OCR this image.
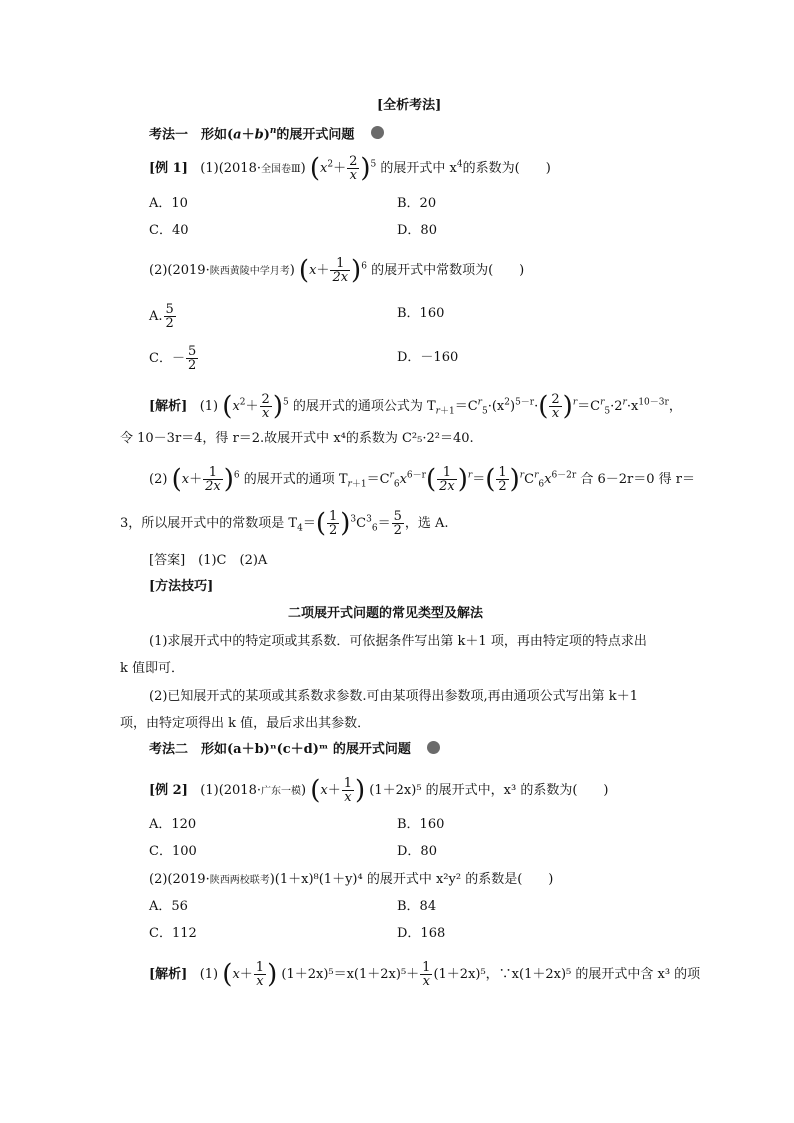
[全析考法]
考法一　形如$(a+b)^n$的展开式问题
[例 1] (1)(2018·全国卷Ⅲ) $(x^2+ \frac{2}{x} )^5$ 的展开式中 $x^4$的系数为(　　)
A．10	B．20
C．40	D．80
(2)(2019·陕西黄陵中学月考) $(x+ \frac{1}{2x} )^6$ 的展开式中常数项为(　　)
A. $\frac{5}{2}$	B．160
C．－ $\frac{5}{2}$	D．－160
[解析] (1) $(x^2+ \frac{2}{x} )^5$ 的展开式的通项公式为 $T_{r+1}=C^r_5\cdot(x^2)^{5-r}\cdot( \frac{2}{x} )^r=C^r_5\cdot 2^r\cdot x^{10-3r}$，
令 10－3r＝4，得 r＝2.故展开式中 x⁴的系数为 C²₅·2²＝40.
(2) $(x+ \frac{1}{2x} )^6$ 的展开式的通项 $T_{r+1}=C^r_6x^{6-r}( \frac{1}{2x} )^r=( \frac{1}{2} )^rC^r_6x^{6-2r}$ 合 6－2r＝0 得 r＝
3，所以展开式中的常数项是 $T_4=( \frac{1}{2} )^3C^3_6= \frac{5}{2}$ ，选 A.
[答案]　(1)C　(2)A
[方法技巧]
二项展开式问题的常见类型及解法
(1)求展开式中的特定项或其系数．可依据条件写出第 k＋1 项，再由特定项的特点求出
k 值即可．
(2)已知展开式的某项或其系数求参数.可由某项得出参数项,再由通项公式写出第 k＋1
项，由特定项得出 k 值，最后求出其参数．
考法二　形如(a＋b)ⁿ(c＋d)ᵐ 的展开式问题
[例 2] (1)(2018·广东一模) ($x+ \frac{1}{x}$ ) (1＋2x)⁵ 的展开式中，x³ 的系数为(　　)
A．120	B．160
C．100	D．80
(2)(2019·陕西两校联考)(1＋x)⁸(1＋y)⁴ 的展开式中 x²y² 的系数是(　　)
A．56	B．84
C．112	D．168
[解析] (1) ($x+ \frac{1}{x}$ ) $(1+2x)^5=x(1+2x)^5+ \frac{1}{x} (1+2x)^5$，∵x(1＋2x)⁵ 的展开式中含 x³ 的项
